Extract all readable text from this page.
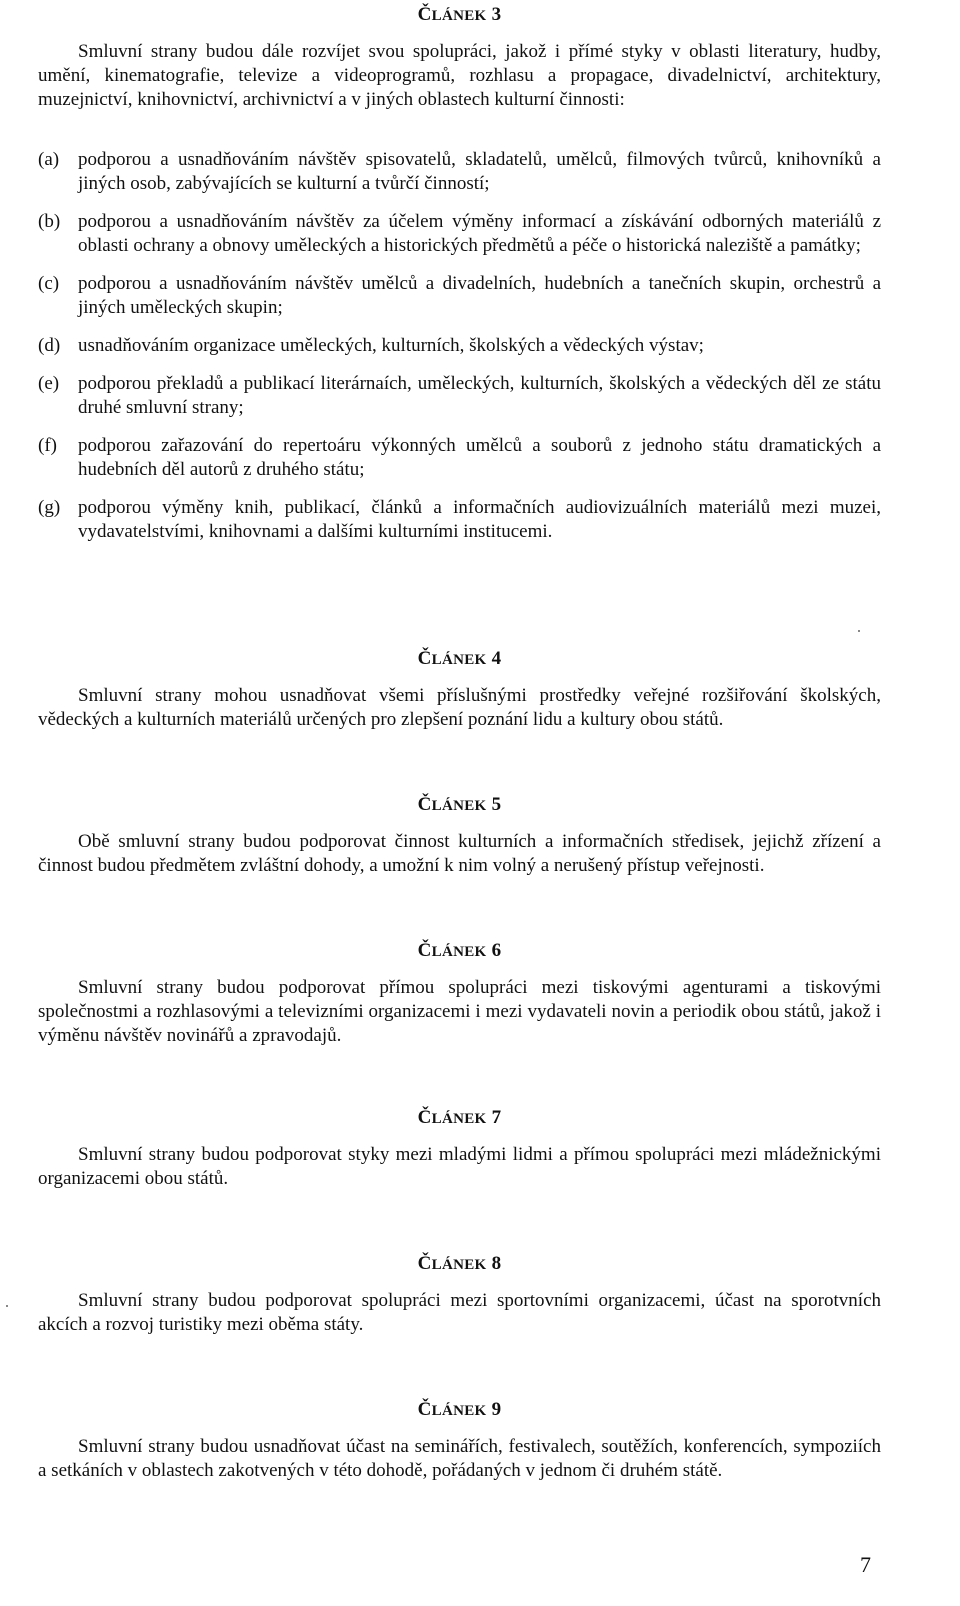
ČLÁNEK 3

Smluvní strany budou dále rozvíjet svou spolupráci, jakož i přímé styky v oblasti literatury, hudby, umění, kinematografie, televize a videoprogramů, rozhlasu a propagace, divadelnictví, architektury, muzejnictví, knihovnictví, archivnictví a v jiných oblastech kulturní činnosti:

(a) podporou a usnadňováním návštěv spisovatelů, skladatelů, umělců, filmových tvůrců, knihovníků a jiných osob, zabývajících se kulturní a tvůrčí činností;
(b) podporou a usnadňováním návštěv za účelem výměny informací a získávání odborných materiálů z oblasti ochrany a obnovy uměleckých a historických předmětů a péče o historická naleziště a památky;
(c) podporou a usnadňováním návštěv umělců a divadelních, hudebních a tanečních skupin, orchestrů a jiných uměleckých skupin;
(d) usnadňováním organizace uměleckých, kulturních, školských a vědeckých výstav;
(e) podporou překladů a publikací literárnaích, uměleckých, kulturních, školských a vědeckých děl ze státu druhé smluvní strany;
(f)	podporou zařazování do repertoáru výkonných umělců a souborů z jednoho státu dramatických a hudebních děl autorů z druhého státu;
(g) podporou výměny knih, publikací, článků a informačních audiovizuálních materiálů mezi muzei, vydavatelstvími, knihovnami a dalšími kulturními institucemi.
ČLÁNEK 4

Smluvní strany mohou usnadňovat všemi příslušnými prostředky veřejné rozšiřování školských, vědeckých a kulturních materiálů určených pro zlepšení poznání lidu a kultury obou států.

ČLÁNEK 5

Obě smluvní strany budou podporovat činnost kulturních a informačních středisek, jejichž zřízení a činnost budou předmětem zvláštní dohody, a umožní k nim volný a nerušený přístup veřejnosti.

ČLÁNEK 6

Smluvní strany budou podporovat přímou spolupráci mezi tiskovými agenturami a tiskovými společnostmi a rozhlasovými a televizními organizacemi i mezi vydavateli novin a periodik obou států, jakož i výměnu návštěv novinářů a zpravodajů.

ČLÁNEK 7

Smluvní strany budou podporovat styky mezi mladými lidmi a přímou spolupráci mezi mládežnickými organizacemi obou států.

ČLÁNEK 8

Smluvní strany budou podporovat spolupráci mezi sportovními organizacemi, účast na sporotvních akcích a rozvoj turistiky mezi oběma státy.

ČLÁNEK 9

Smluvní strany budou usnadňovat účast na seminářích, festivalech, soutěžích, konferencích, sympoziích a setkáních v oblastech zakotvených v této dohodě, pořádaných v jednom či druhém státě.

7
